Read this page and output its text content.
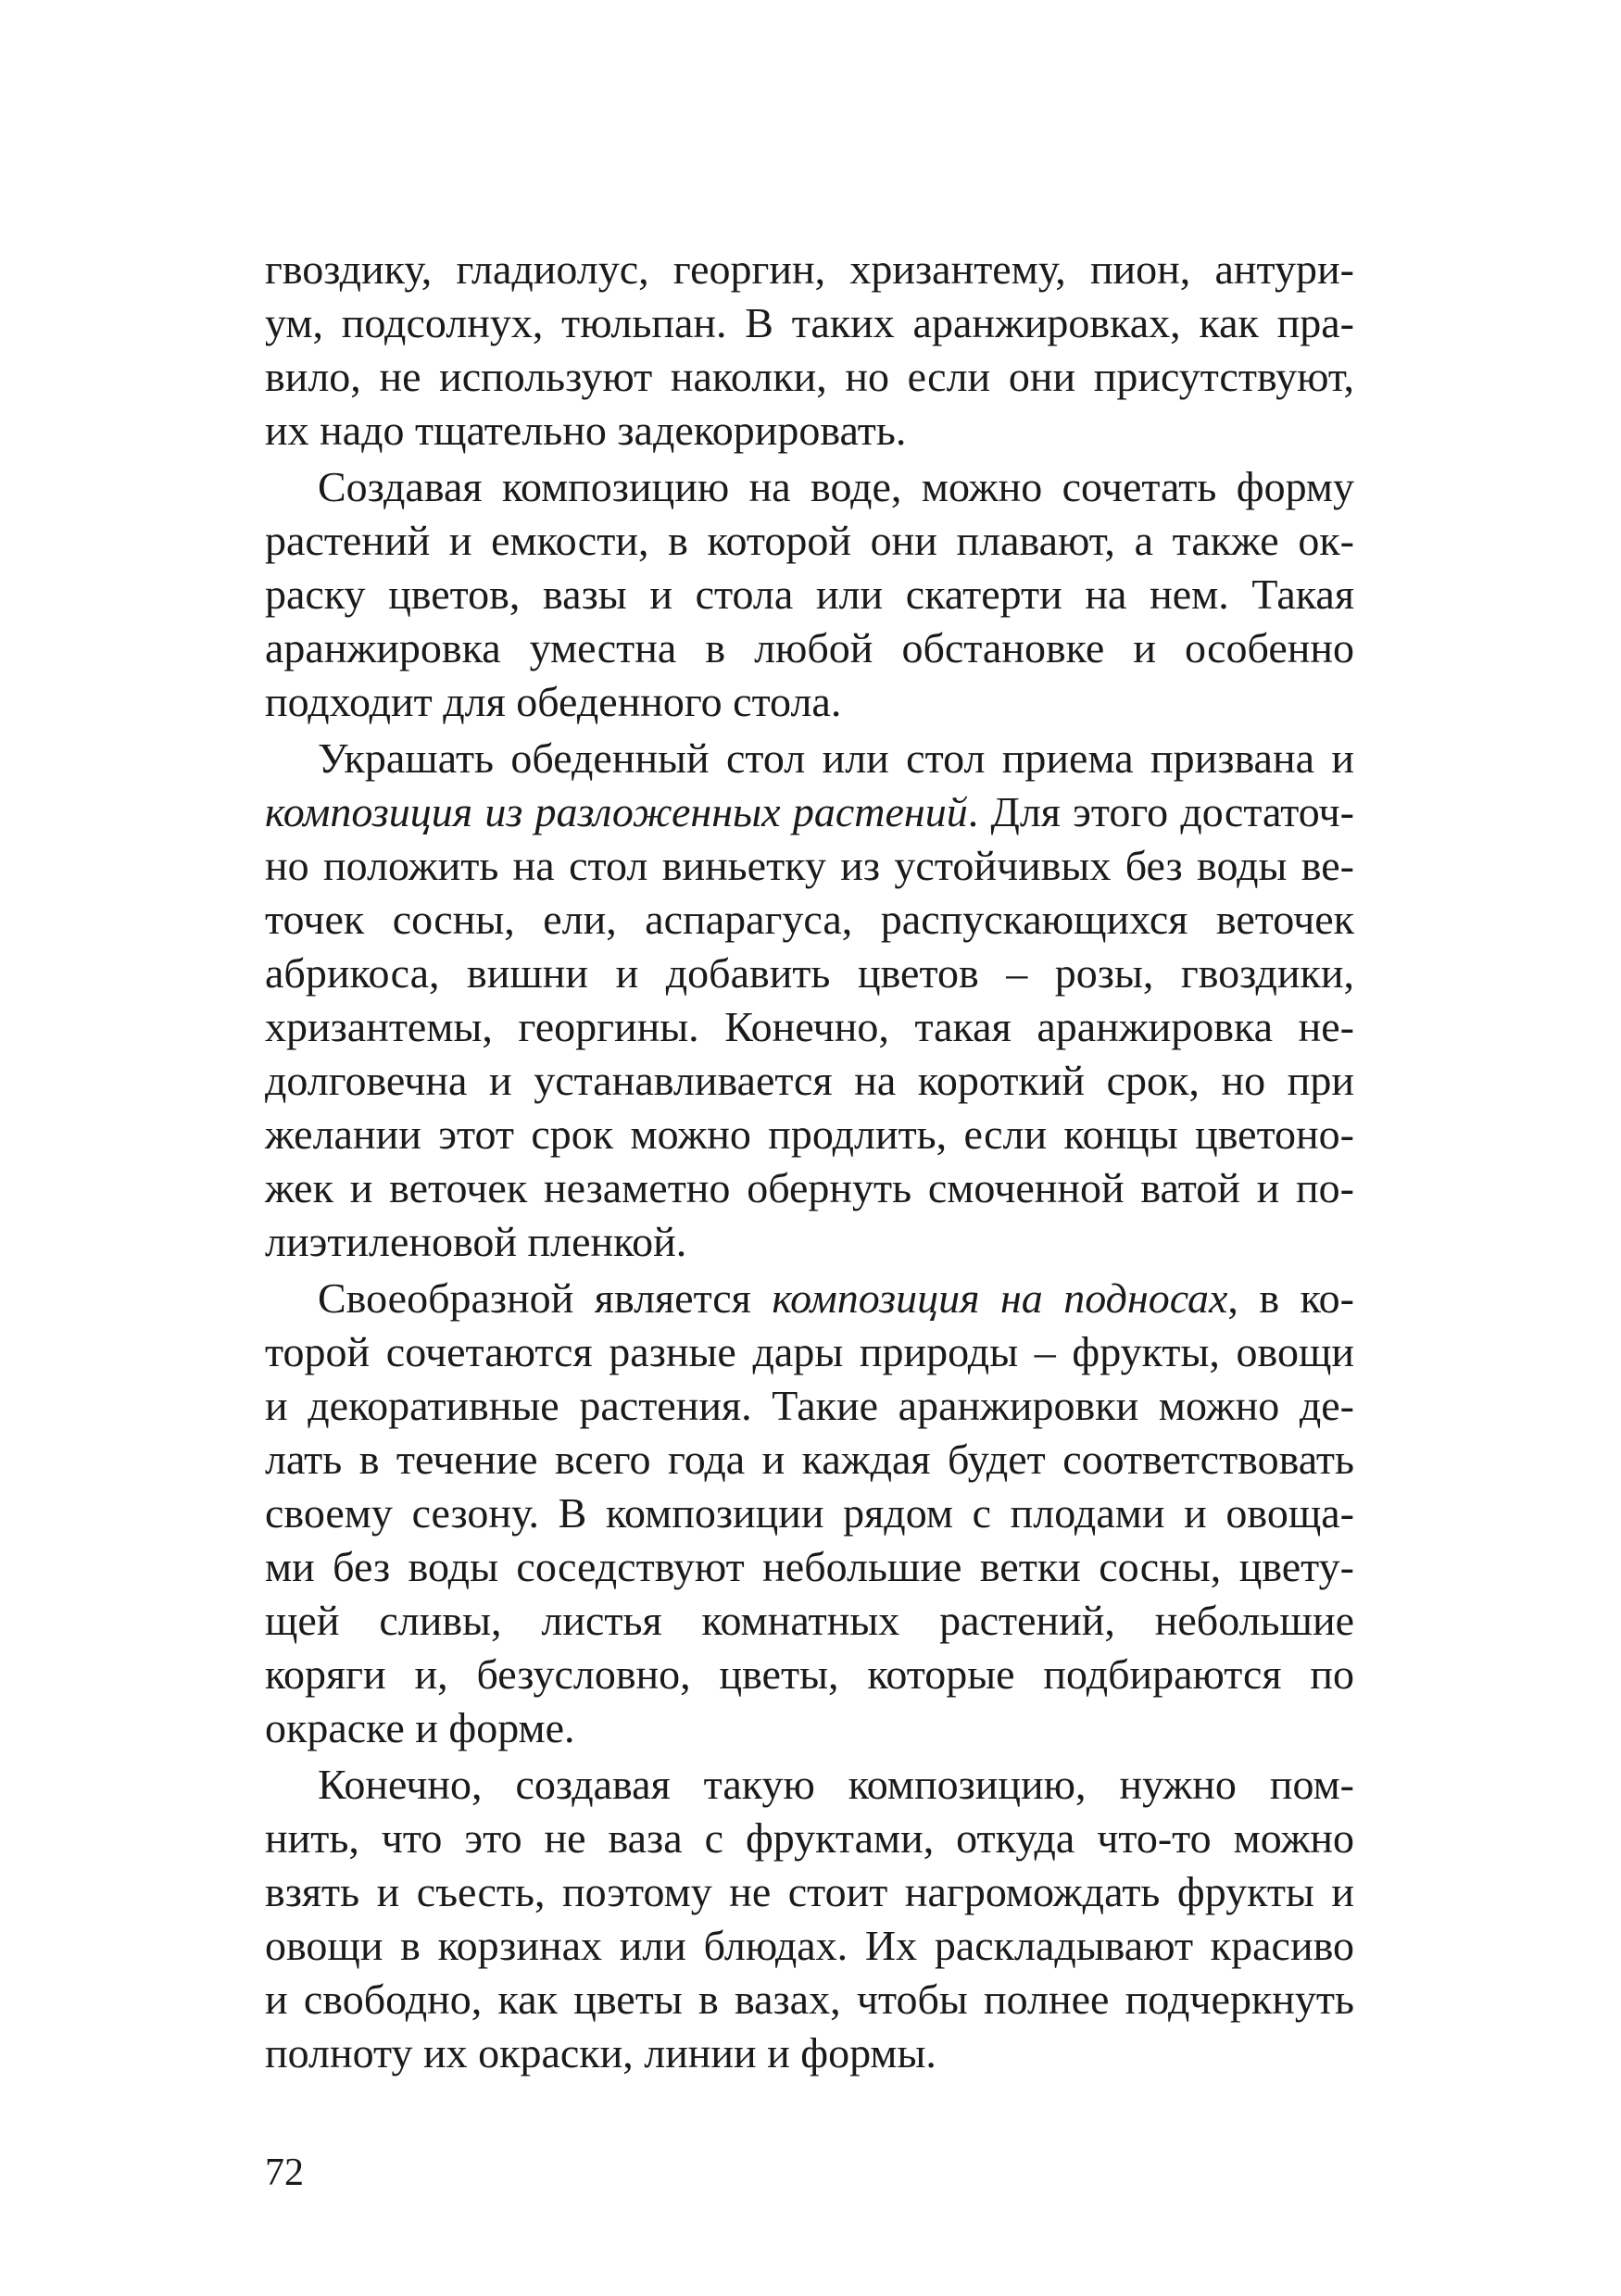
гвоздику, гладиолус, георгин, хризантему, пион, антури-
ум, подсолнух, тюльпан. В таких аранжировках, как пра-
вило, не используют наколки, но если они присутствуют,
их надо тщательно задекорировать.
Создавая композицию на воде, можно сочетать форму
растений и емкости, в которой они плавают, а также ок-
раску цветов, вазы и стола или скатерти на нем. Такая
аранжировка уместна в любой обстановке и особенно
подходит для обеденного стола.
Украшать обеденный стол или стол приема призвана и
композиция из разложенных растений. Для этого достаточ-
но положить на стол виньетку из устойчивых без воды ве-
точек сосны, ели, аспарагуса, распускающихся веточек
абрикоса, вишни и добавить цветов – розы, гвоздики,
хризантемы, георгины. Конечно, такая аранжировка не-
долговечна и устанавливается на короткий срок, но при
желании этот срок можно продлить, если концы цветоно-
жек и веточек незаметно обернуть смоченной ватой и по-
лиэтиленовой пленкой.
Своеобразной является композиция на подносах, в ко-
торой сочетаются разные дары природы – фрукты, овощи
и декоративные растения. Такие аранжировки можно де-
лать в течение всего года и каждая будет соответствовать
своему сезону. В композиции рядом с плодами и овоща-
ми без воды соседствуют небольшие ветки сосны, цвету-
щей сливы, листья комнатных растений, небольшие
коряги и, безусловно, цветы, которые подбираются по
окраске и форме.
Конечно, создавая такую композицию, нужно пом-
нить, что это не ваза с фруктами, откуда что-то можно
взять и съесть, поэтому не стоит нагромождать фрукты и
овощи в корзинах или блюдах. Их раскладывают красиво
и свободно, как цветы в вазах, чтобы полнее подчеркнуть
полноту их окраски, линии и формы.
72
